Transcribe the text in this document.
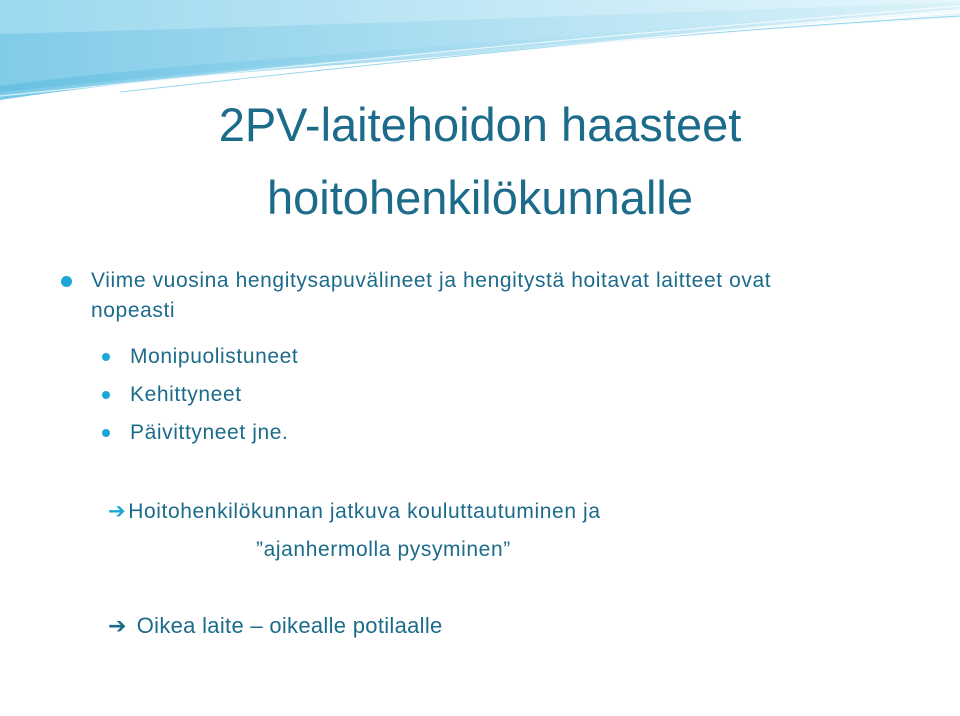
2PV-laitehoidon haasteet
hoitohenkilökunnalle
Viime vuosina hengitysapuvälineet ja hengitystä hoitavat laitteet ovat nopeasti
Monipuolistuneet
Kehittyneet
Päivittyneet jne.
➔Hoitohenkilökunnan jatkuva kouluttautuminen ja
”ajanhermolla pysyminen”
➔ Oikea laite – oikealle potilaalle
